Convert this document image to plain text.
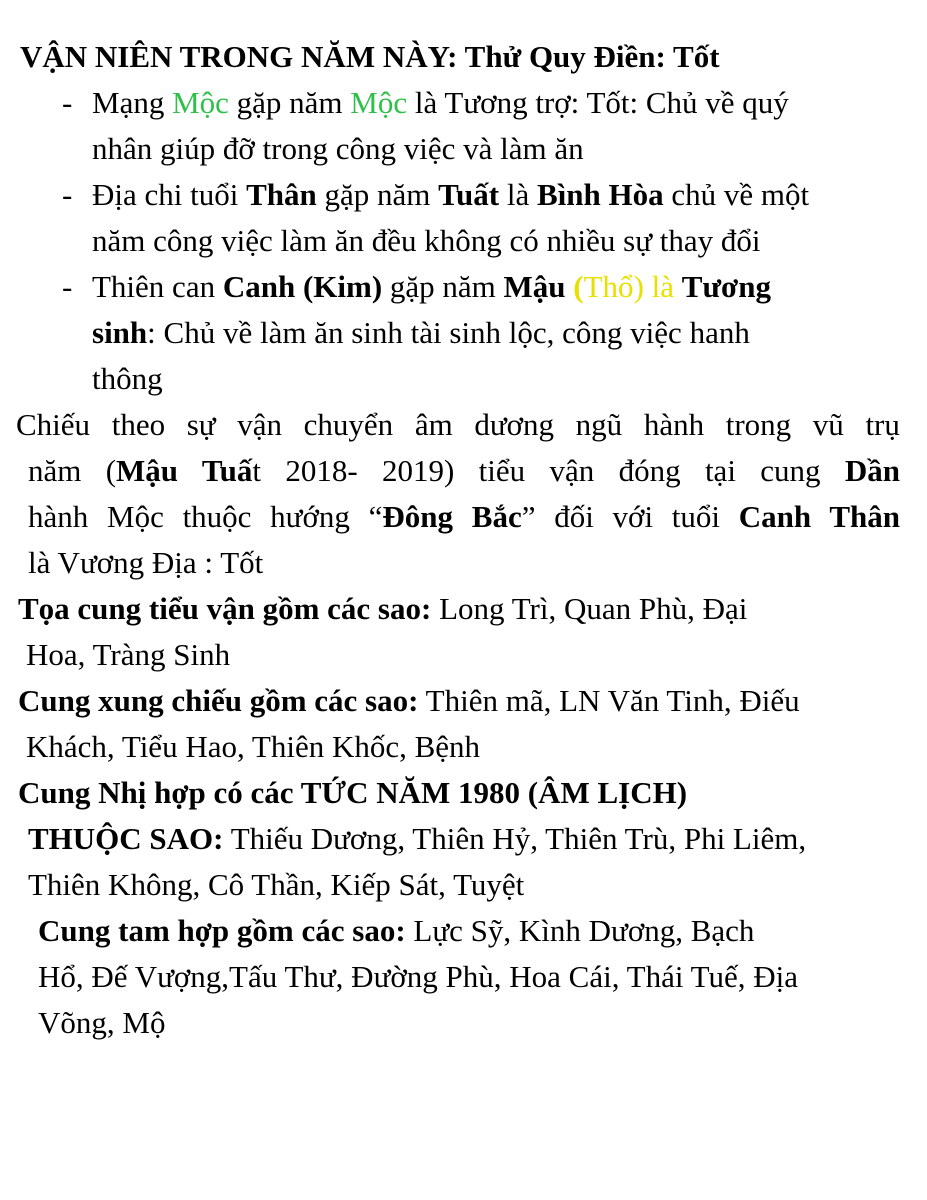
VẬN NIÊN TRONG NĂM NÀY: Thử Quy Điền: Tốt
- Mạng Mộc gặp năm Mộc là Tương trợ: Tốt: Chủ về quý
nhân giúp đỡ trong công việc và làm ăn
- Địa chi tuổi Thân gặp năm Tuất là Bình Hòa chủ về một
năm công việc làm ăn đều không có nhiều sự thay đổi
- Thiên can Canh (Kim) gặp năm Mậu (Thổ) là Tương
sinh: Chủ về làm ăn sinh tài sinh lộc, công việc hanh
thông
Chiếu theo sự vận chuyển âm dương ngũ hành trong vũ trụ
năm (Mậu Tuất 2018- 2019) tiểu vận đóng tại cung Dần
hành Mộc thuộc hướng “Đông Bắc” đối với tuổi Canh Thân
là Vương Địa : Tốt
Tọa cung tiểu vận gồm các sao: Long Trì, Quan Phù, Đại
Hoa, Tràng Sinh
Cung xung chiếu gồm các sao: Thiên mã, LN Văn Tinh, Điếu
Khách, Tiểu Hao, Thiên Khốc, Bệnh
Cung Nhị hợp có các TỨC NĂM 1980 (ÂM LỊCH)
THUỘC SAO: Thiếu Dương, Thiên Hỷ, Thiên Trù, Phi Liêm,
Thiên Không, Cô Thần, Kiếp Sát, Tuyệt
Cung tam hợp gồm các sao: Lực Sỹ, Kình Dương, Bạch
Hổ, Đế Vượng,Tấu Thư, Đường Phù, Hoa Cái, Thái Tuế, Địa
Võng, Mộ
